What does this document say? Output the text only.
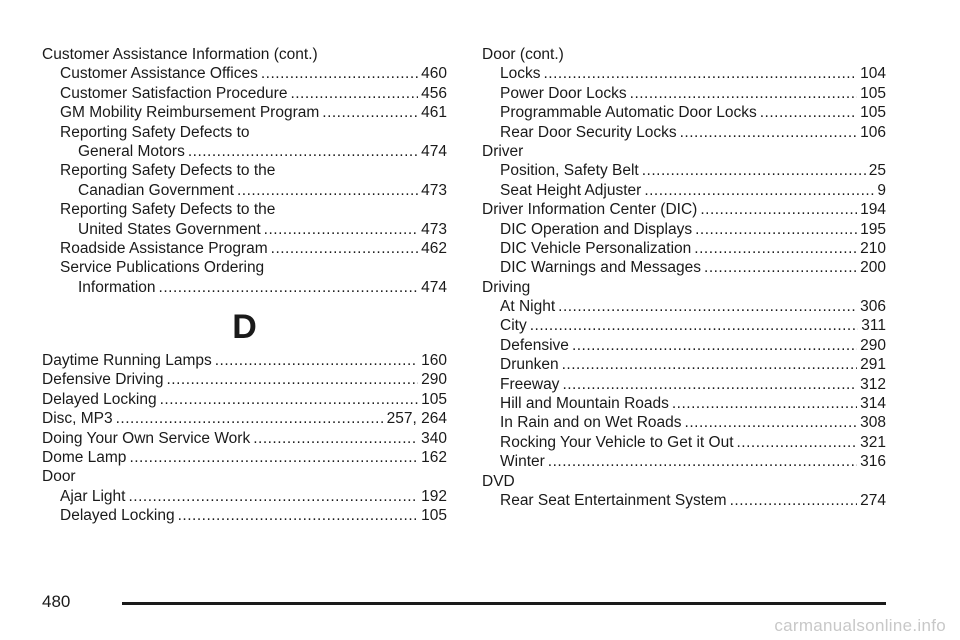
Customer Assistance Information (cont.)
Customer Assistance Offices .....	460
Customer Satisfaction Procedure .....	456
GM Mobility Reimbursement Program .....	461
Reporting Safety Defects to
General Motors .....	474
Reporting Safety Defects to the
Canadian Government .....	473
Reporting Safety Defects to the
United States Government .....	473
Roadside Assistance Program .....	462
Service Publications Ordering
Information .....	474
D
Daytime Running Lamps .....	160
Defensive Driving .....	290
Delayed Locking .....	105
Disc, MP3 .....	257, 264
Doing Your Own Service Work .....	340
Dome Lamp .....	162
Door
Ajar Light .....	192
Delayed Locking .....	105
Door (cont.)
Locks .....	104
Power Door Locks .....	105
Programmable Automatic Door Locks .....	105
Rear Door Security Locks .....	106
Driver
Position, Safety Belt .....	25
Seat Height Adjuster .....	9
Driver Information Center (DIC) .....	194
DIC Operation and Displays .....	195
DIC Vehicle Personalization .....	210
DIC Warnings and Messages .....	200
Driving
At Night .....	306
City .....	311
Defensive .....	290
Drunken .....	291
Freeway .....	312
Hill and Mountain Roads .....	314
In Rain and on Wet Roads .....	308
Rocking Your Vehicle to Get it Out .....	321
Winter .....	316
DVD
Rear Seat Entertainment System .....	274
480
carmanualsonline.info
